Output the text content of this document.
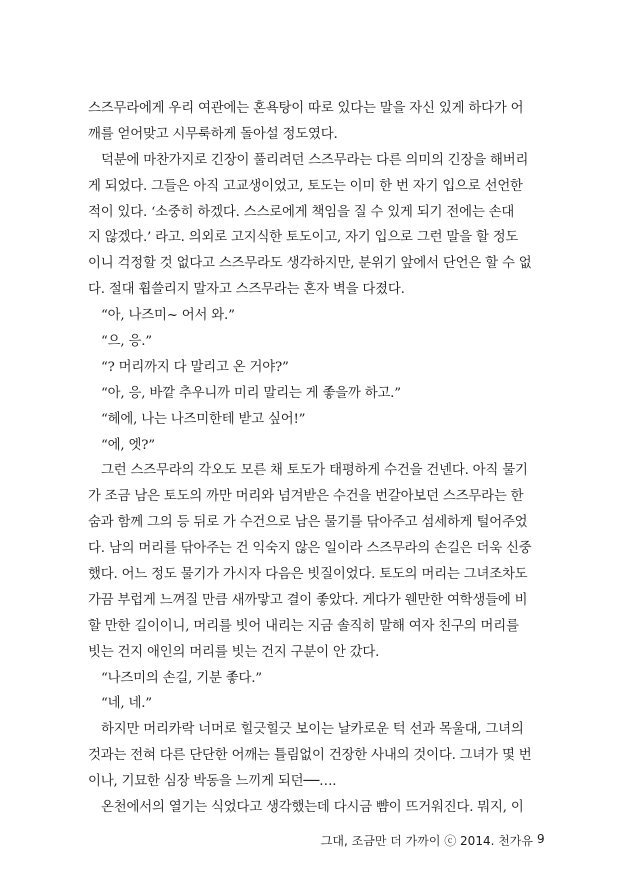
스즈무라에게 우리 여관에는 혼욕탕이 따로 있다는 말을 자신 있게 하다가 어
깨를 얻어맞고 시무룩하게 돌아설 정도였다.
덕분에 마찬가지로 긴장이 풀리려던 스즈무라는 다른 의미의 긴장을 해버리
게 되었다. 그들은 아직 고교생이었고, 토도는 이미 한 번 자기 입으로 선언한
적이 있다. ‘소중히 하겠다. 스스로에게 책임을 질 수 있게 되기 전에는 손대
지 않겠다.’ 라고. 의외로 고지식한 토도이고, 자기 입으로 그런 말을 할 정도
이니 걱정할 것 없다고 스즈무라도 생각하지만, 분위기 앞에서 단언은 할 수 없
다. 절대 휩쓸리지 말자고 스즈무라는 혼자 벽을 다졌다.
“아, 나즈미~ 어서 와.”
“으, 응.”
“? 머리까지 다 말리고 온 거야?”
“아, 응, 바깥 추우니까 미리 말리는 게 좋을까 하고.”
“헤에, 나는 나즈미한테 받고 싶어!”
“에, 엣?”
그런 스즈무라의 각오도 모른 채 토도가 태평하게 수건을 건넨다. 아직 물기
가 조금 남은 토도의 까만 머리와 넘겨받은 수건을 번갈아보던 스즈무라는 한
숨과 함께 그의 등 뒤로 가 수건으로 남은 물기를 닦아주고 섬세하게 털어주었
다. 남의 머리를 닦아주는 건 익숙지 않은 일이라 스즈무라의 손길은 더욱 신중
했다. 어느 정도 물기가 가시자 다음은 빗질이었다. 토도의 머리는 그녀조차도
가끔 부럽게 느껴질 만큼 새까맣고 결이 좋았다. 게다가 웬만한 여학생들에 비
할 만한 길이이니, 머리를 빗어 내리는 지금 솔직히 말해 여자 친구의 머리를
빗는 건지 애인의 머리를 빗는 건지 구분이 안 갔다.
“나즈미의 손길, 기분 좋다.”
“네, 네.”
하지만 머리카락 너머로 힐긋힐긋 보이는 날카로운 턱 선과 목울대, 그녀의
것과는 전혀 다른 단단한 어깨는 틀림없이 건장한 사내의 것이다. 그녀가 몇 번
이나, 기묘한 심장 박동을 느끼게 되던──….
온천에서의 열기는 식었다고 생각했는데 다시금 뺨이 뜨거워진다. 뭐지, 이
그대, 조금만 더 가까이 ⓒ 2014. 천가유 9
